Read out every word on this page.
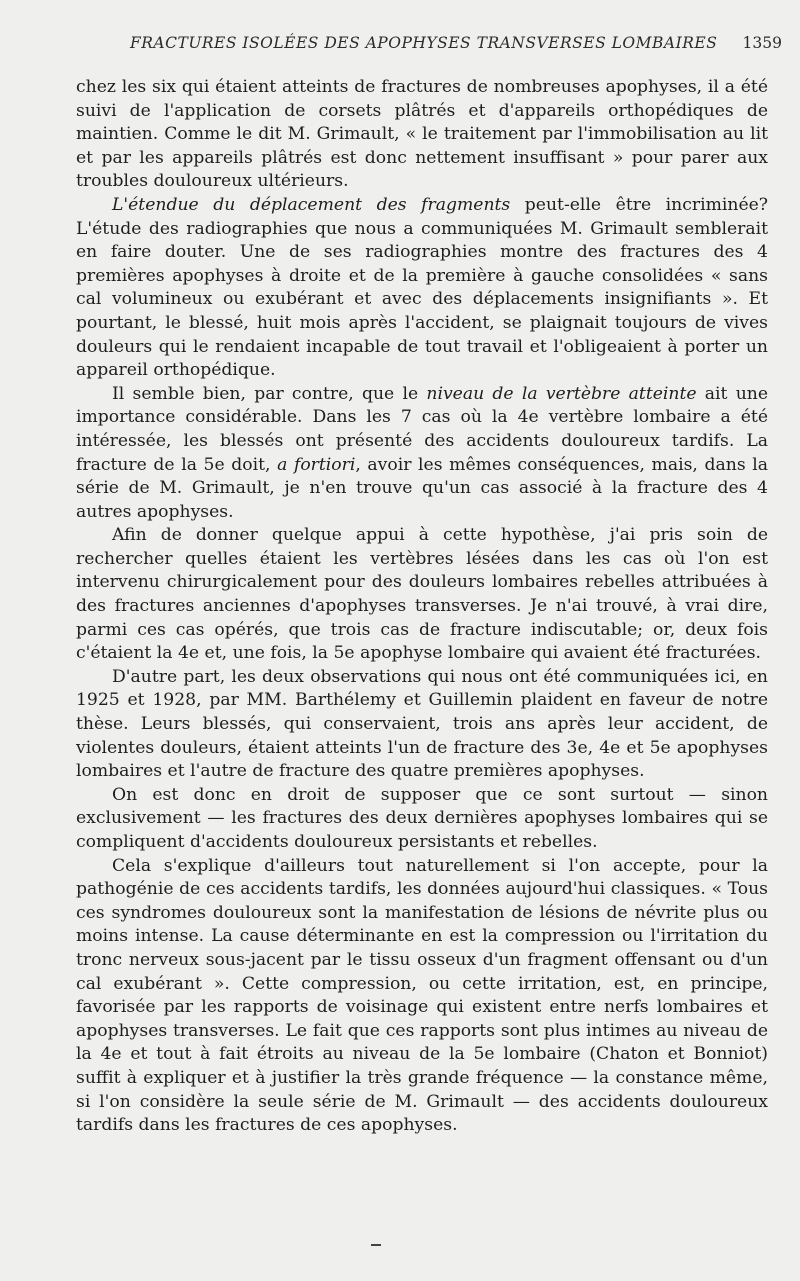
FRACTURES ISOLÉES DES APOPHYSES TRANSVERSES LOMBAIRES 1359

chez les six qui étaient atteints de fractures de nombreuses apophyses, il a été suivi de l'application de corsets plâtrés et d'appareils orthopédiques de maintien. Comme le dit M. Grimault, « le traitement par l'immobilisation au lit et par les appareils plâtrés est donc nettement insuffisant » pour parer aux troubles douloureux ultérieurs.

L'étendue du déplacement des fragments peut-elle être incriminée? L'étude des radiographies que nous a communiquées M. Grimault semblerait en faire douter. Une de ses radiographies montre des fractures des 4 premières apophyses à droite et de la première à gauche consolidées « sans cal volumineux ou exubérant et avec des déplacements insignifiants ». Et pourtant, le blessé, huit mois après l'accident, se plaignait toujours de vives douleurs qui le rendaient incapable de tout travail et l'obligeaient à porter un appareil orthopédique.

Il semble bien, par contre, que le niveau de la vertèbre atteinte ait une importance considérable. Dans les 7 cas où la 4e vertèbre lombaire a été intéressée, les blessés ont présenté des accidents douloureux tardifs. La fracture de la 5e doit, a fortiori, avoir les mêmes conséquences, mais, dans la série de M. Grimault, je n'en trouve qu'un cas associé à la fracture des 4 autres apophyses.

Afin de donner quelque appui à cette hypothèse, j'ai pris soin de rechercher quelles étaient les vertèbres lésées dans les cas où l'on est intervenu chirurgicalement pour des douleurs lombaires rebelles attribuées à des fractures anciennes d'apophyses transverses. Je n'ai trouvé, à vrai dire, parmi ces cas opérés, que trois cas de fracture indiscutable; or, deux fois c'étaient la 4e et, une fois, la 5e apophyse lombaire qui avaient été fracturées.

D'autre part, les deux observations qui nous ont été communiquées ici, en 1925 et 1928, par MM. Barthélemy et Guillemin plaident en faveur de notre thèse. Leurs blessés, qui conservaient, trois ans après leur accident, de violentes douleurs, étaient atteints l'un de fracture des 3e, 4e et 5e apophyses lombaires et l'autre de fracture des quatre premières apophyses.

On est donc en droit de supposer que ce sont surtout — sinon exclusivement — les fractures des deux dernières apophyses lombaires qui se compliquent d'accidents douloureux persistants et rebelles.

Cela s'explique d'ailleurs tout naturellement si l'on accepte, pour la pathogénie de ces accidents tardifs, les données aujourd'hui classiques. « Tous ces syndromes douloureux sont la manifestation de lésions de névrite plus ou moins intense. La cause déterminante en est la compression ou l'irritation du tronc nerveux sous-jacent par le tissu osseux d'un fragment offensant ou d'un cal exubérant ». Cette compression, ou cette irritation, est, en principe, favorisée par les rapports de voisinage qui existent entre nerfs lombaires et apophyses transverses. Le fait que ces rapports sont plus intimes au niveau de la 4e et tout à fait étroits au niveau de la 5e lombaire (Chaton et Bonniot) suffit à expliquer et à justifier la très grande fréquence — la constance même, si l'on considère la seule série de M. Grimault — des accidents douloureux tardifs dans les fractures de ces apophyses.
